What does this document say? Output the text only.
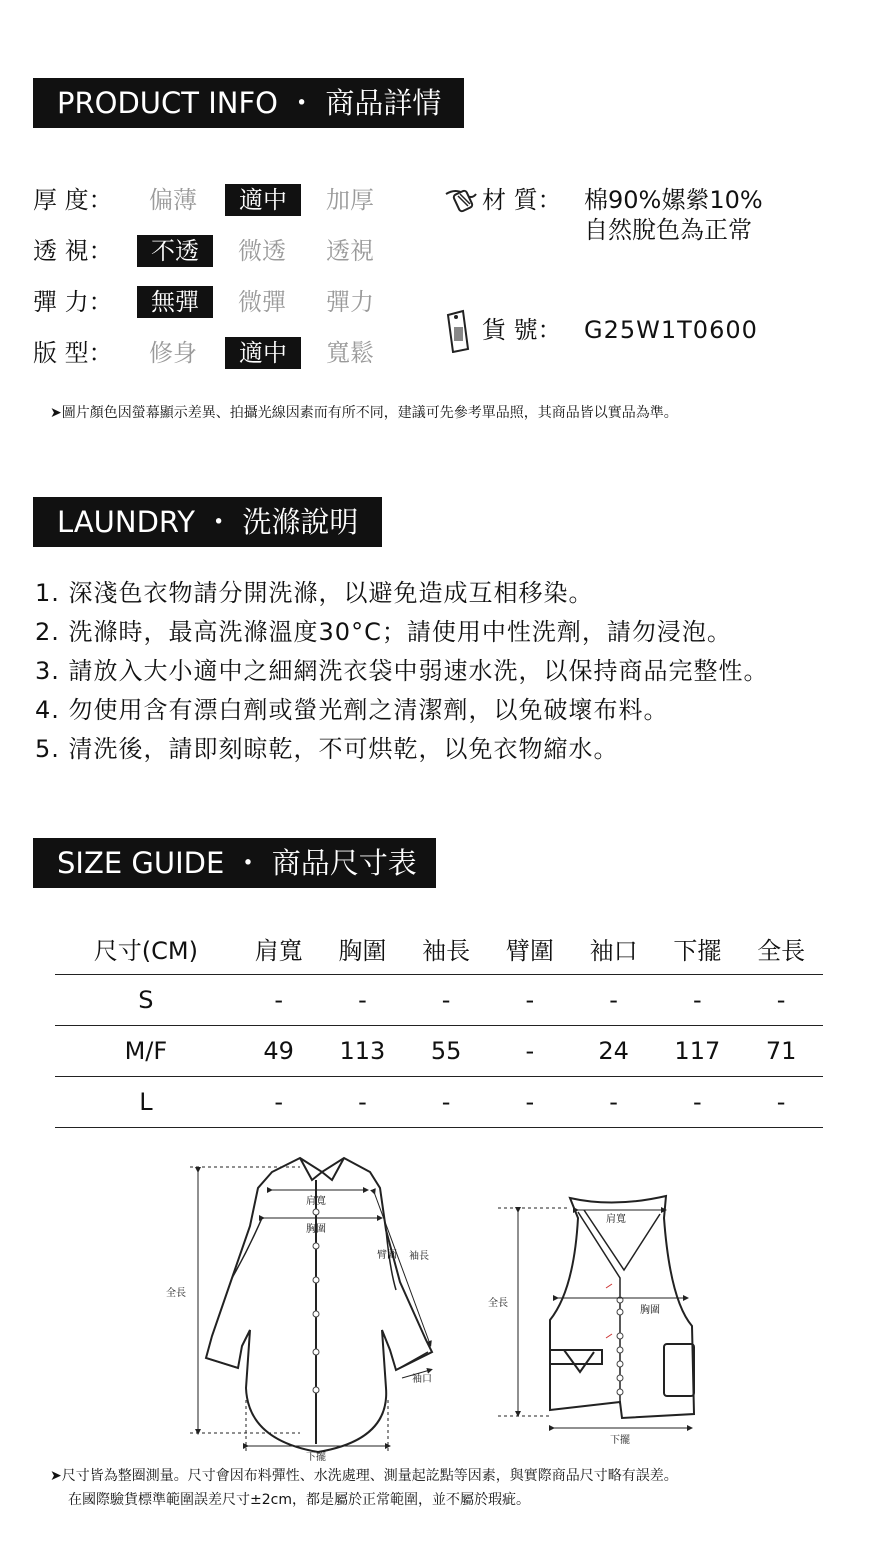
PRODUCT INFO ・ 商品詳情
厚 度：	偏薄	適中	加厚
透 視：	不透	微透	透視
彈 力：	無彈	微彈	彈力
版 型：	修身	適中	寬鬆
材 質： 棉90%嫘縈10%
自然脫色為正常
貨 號： G25W1T0600
➤圖片顏色因螢幕顯示差異、拍攝光線因素而有所不同，建議可先參考單品照，其商品皆以實品為準。
LAUNDRY ・ 洗滌說明
1. 深淺色衣物請分開洗滌，以避免造成互相移染。
2. 洗滌時，最高洗滌溫度30°C；請使用中性洗劑，請勿浸泡。
3. 請放入大小適中之細網洗衣袋中弱速水洗，以保持商品完整性。
4. 勿使用含有漂白劑或螢光劑之清潔劑，以免破壞布料。
5. 清洗後，請即刻晾乾，不可烘乾，以免衣物縮水。
SIZE GUIDE ・ 商品尺寸表
尺寸(CM)	肩寬	胸圍	袖長	臂圍	袖口	下擺	全長
S	-	-	-	-	-	-	-
M/F	49	113	55	-	24	117	71
L	-	-	-	-	-	-	-
肩寬
胸圍
臂圍 袖長
全長
袖口
下擺
肩寬
胸圍
全長
下擺
➤尺寸皆為整圈測量。尺寸會因布料彈性、水洗處理、測量起訖點等因素，與實際商品尺寸略有誤差。
在國際驗貨標準範圍誤差尺寸±2cm，都是屬於正常範圍，並不屬於瑕疵。
